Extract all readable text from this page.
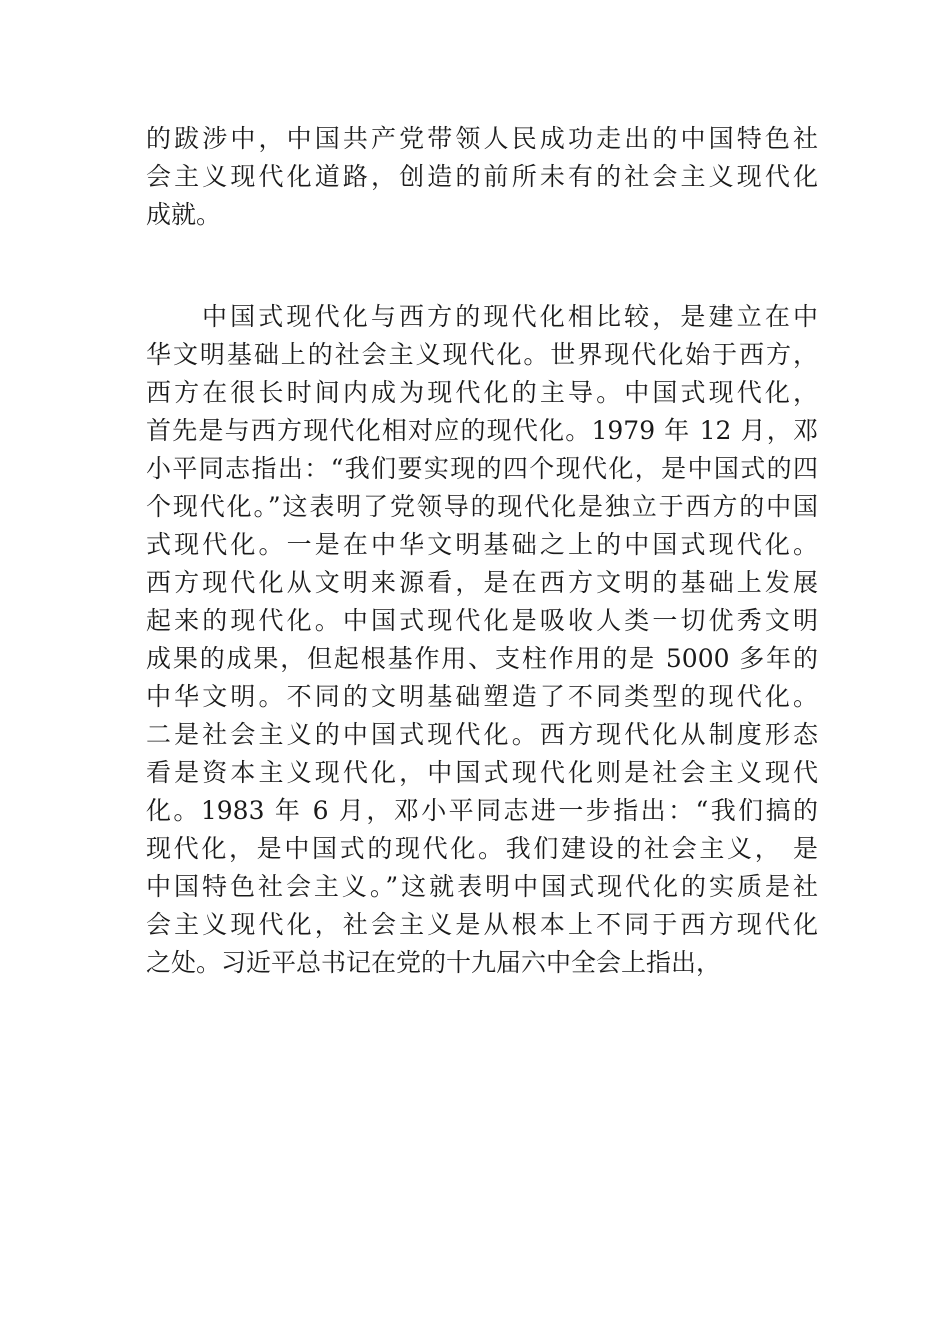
的跋涉中，中国共产党带领人民成功走出的中国特色社
会主义现代化道路，创造的前所未有的社会主义现代化
成就。
中国式现代化与西方的现代化相比较，是建立在中
华文明基础上的社会主义现代化。世界现代化始于西方，
西方在很长时间内成为现代化的主导。中国式现代化，
首先是与西方现代化相对应的现代化。1979 年 12 月，邓
小平同志指出：“我们要实现的四个现代化，是中国式的四
个现代化。”这表明了党领导的现代化是独立于西方的中国
式现代化。一是在中华文明基础之上的中国式现代化。
西方现代化从文明来源看，是在西方文明的基础上发展
起来的现代化。中国式现代化是吸收人类一切优秀文明
成果的成果，但起根基作用、支柱作用的是 5000 多年的
中华文明。不同的文明基础塑造了不同类型的现代化。
二是社会主义的中国式现代化。西方现代化从制度形态
看是资本主义现代化，中国式现代化则是社会主义现代
化。1983 年 6 月，邓小平同志进一步指出：“我们搞的
现代化，是中国式的现代化。我们建设的社会主义， 是
中国特色社会主义。”这就表明中国式现代化的实质是社
会主义现代化，社会主义是从根本上不同于西方现代化
之处。习近平总书记在党的十九届六中全会上指出，
